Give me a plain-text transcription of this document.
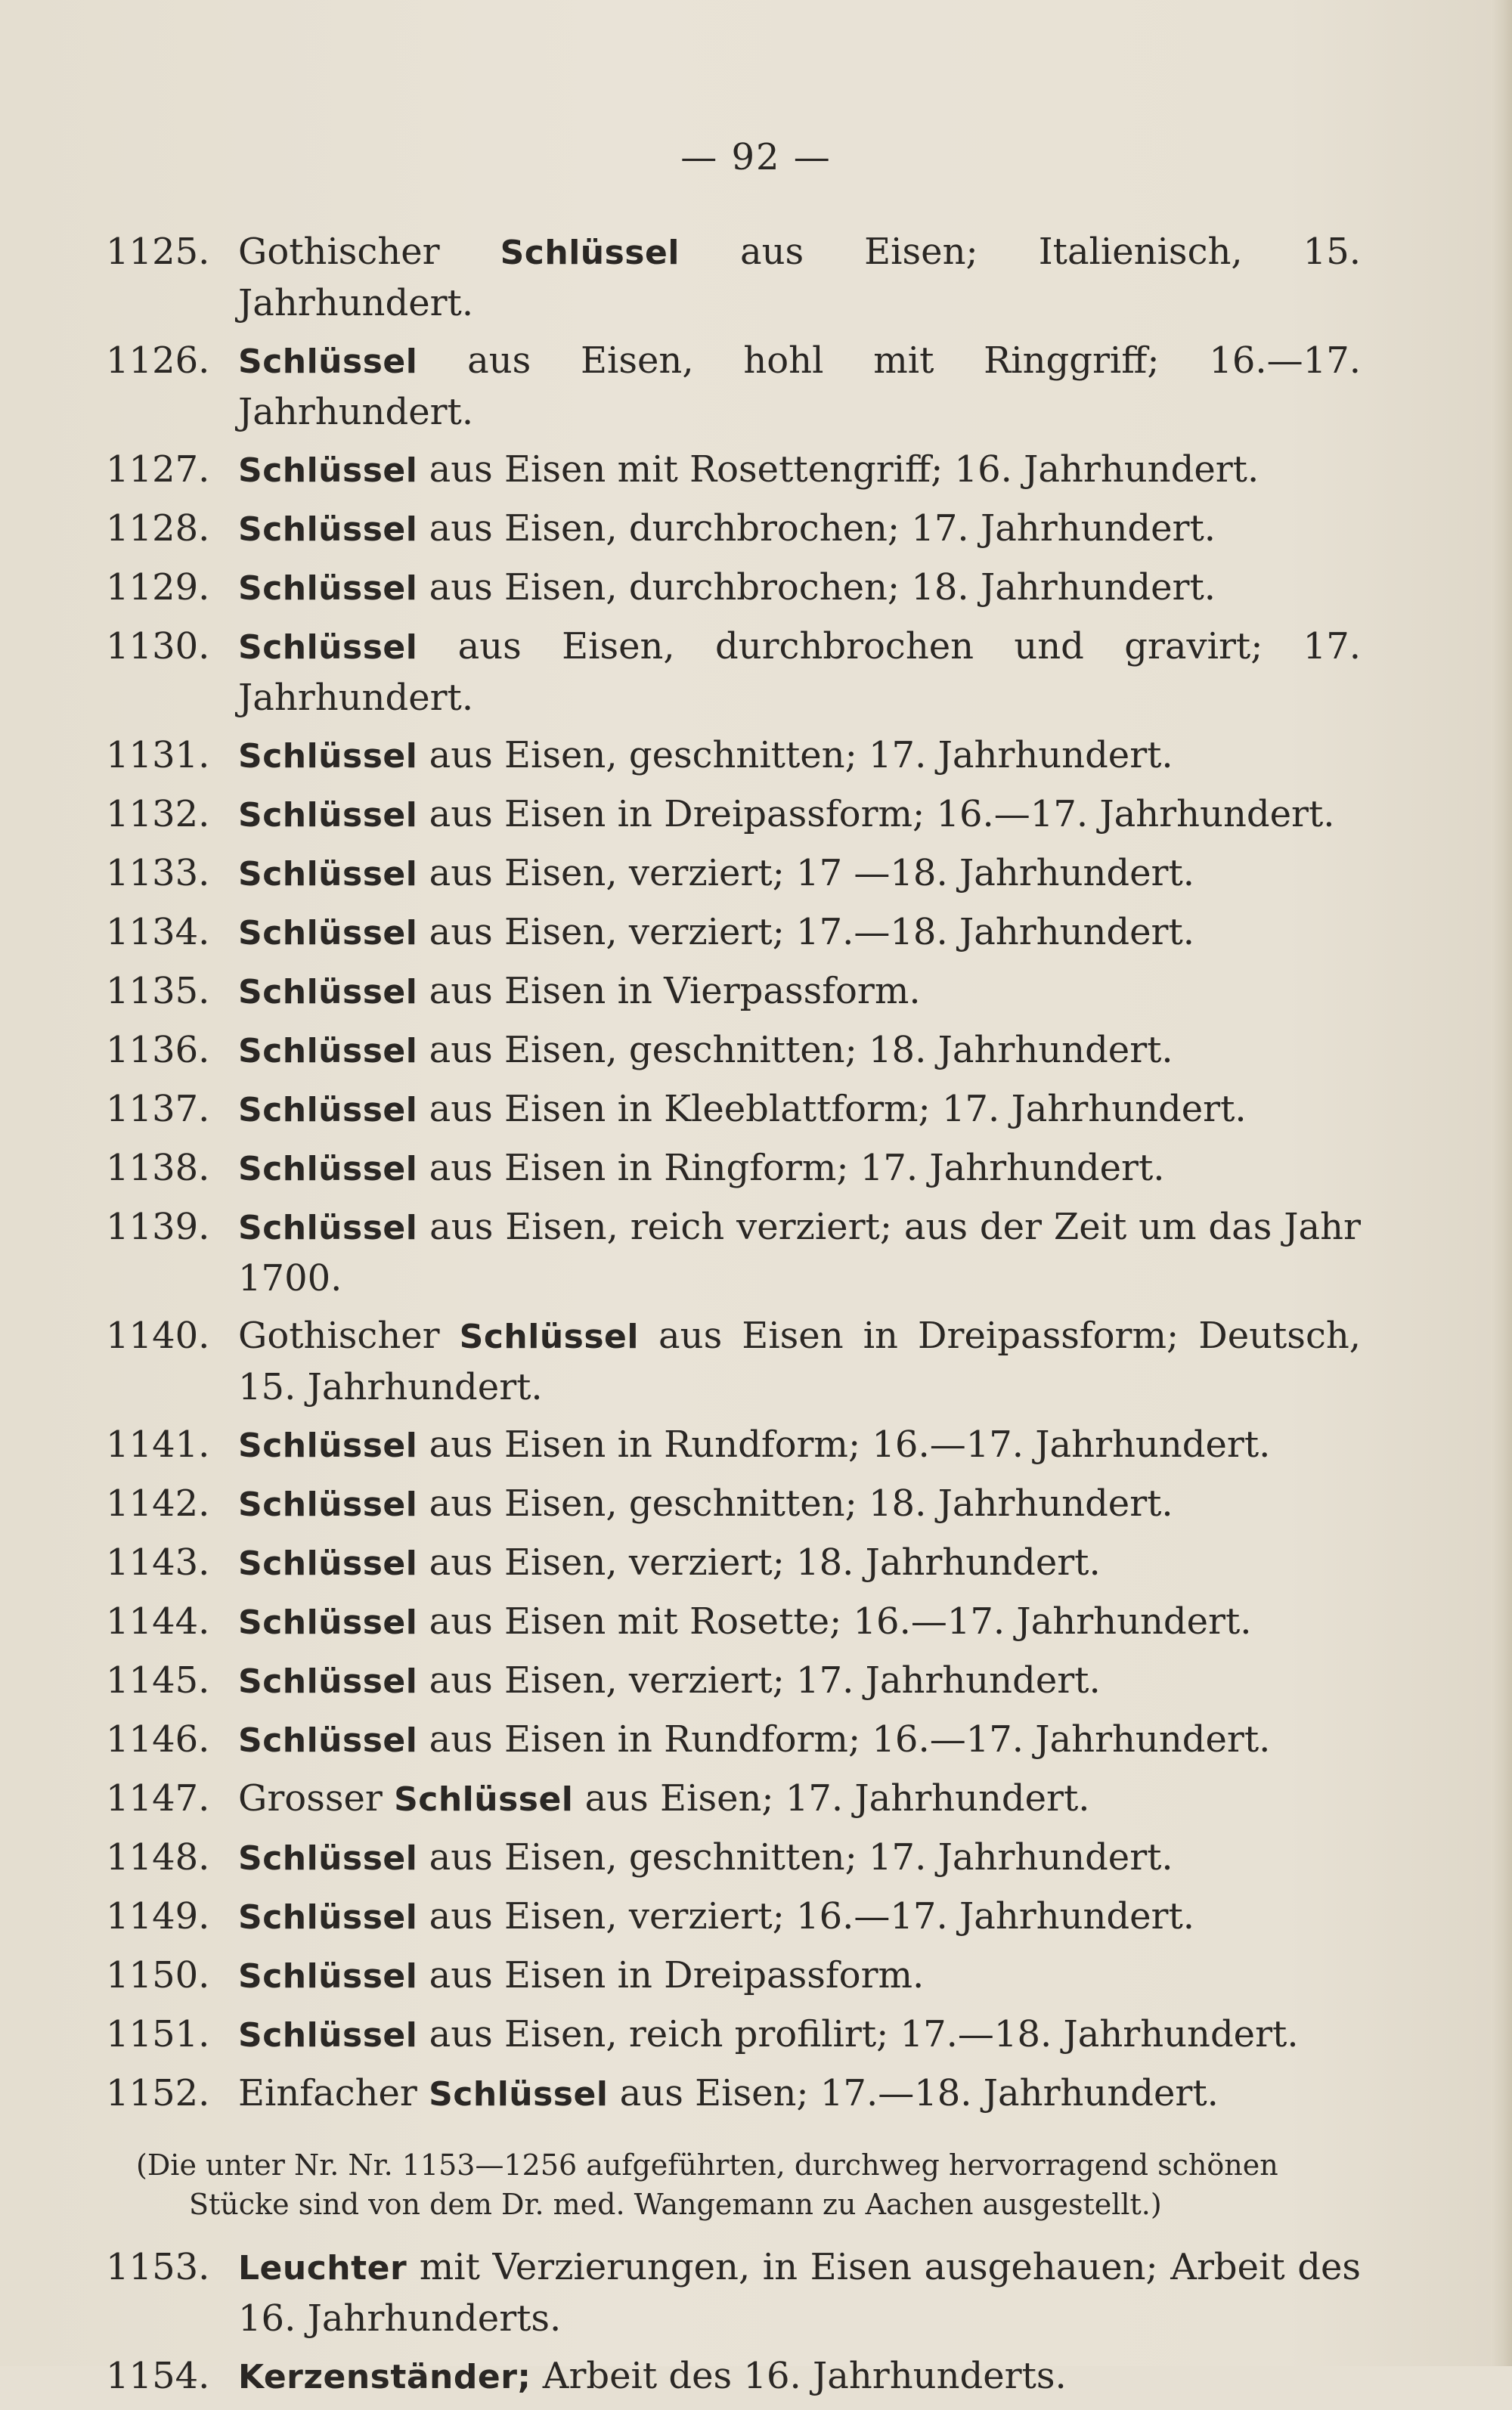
— 92 —
1125. Gothischer Schlüssel aus Eisen; Italienisch, 15. Jahrhundert.
1126. Schlüssel aus Eisen, hohl mit Ringgriff; 16.—17. Jahrhundert.
1127. Schlüssel aus Eisen mit Rosettengriff; 16. Jahrhundert.
1128. Schlüssel aus Eisen, durchbrochen; 17. Jahrhundert.
1129. Schlüssel aus Eisen, durchbrochen; 18. Jahrhundert.
1130. Schlüssel aus Eisen, durchbrochen und gravirt; 17. Jahrhundert.
1131. Schlüssel aus Eisen, geschnitten; 17. Jahrhundert.
1132. Schlüssel aus Eisen in Dreipassform; 16.—17. Jahrhundert.
1133. Schlüssel aus Eisen, verziert; 17 —18. Jahrhundert.
1134. Schlüssel aus Eisen, verziert; 17.—18. Jahrhundert.
1135. Schlüssel aus Eisen in Vierpassform.
1136. Schlüssel aus Eisen, geschnitten; 18. Jahrhundert.
1137. Schlüssel aus Eisen in Kleeblattform; 17. Jahrhundert.
1138. Schlüssel aus Eisen in Ringform; 17. Jahrhundert.
1139. Schlüssel aus Eisen, reich verziert; aus der Zeit um das Jahr 1700.
1140. Gothischer Schlüssel aus Eisen in Dreipassform; Deutsch, 15. Jahrhundert.
1141. Schlüssel aus Eisen in Rundform; 16.—17. Jahrhundert.
1142. Schlüssel aus Eisen, geschnitten; 18. Jahrhundert.
1143. Schlüssel aus Eisen, verziert; 18. Jahrhundert.
1144. Schlüssel aus Eisen mit Rosette; 16.—17. Jahrhundert.
1145. Schlüssel aus Eisen, verziert; 17. Jahrhundert.
1146. Schlüssel aus Eisen in Rundform; 16.—17. Jahrhundert.
1147. Grosser Schlüssel aus Eisen; 17. Jahrhundert.
1148. Schlüssel aus Eisen, geschnitten; 17. Jahrhundert.
1149. Schlüssel aus Eisen, verziert; 16.—17. Jahrhundert.
1150. Schlüssel aus Eisen in Dreipassform.
1151. Schlüssel aus Eisen, reich profilirt; 17.—18. Jahrhundert.
1152. Einfacher Schlüssel aus Eisen; 17.—18. Jahrhundert.
(Die unter Nr. Nr. 1153—1256 aufgeführten, durchweg hervorragend schönen
Stücke sind von dem Dr. med. Wangemann zu Aachen ausgestellt.)
1153. Leuchter mit Verzierungen, in Eisen ausgehauen; Arbeit des 16. Jahrhunderts.
1154. Kerzenständer; Arbeit des 16. Jahrhunderts.
